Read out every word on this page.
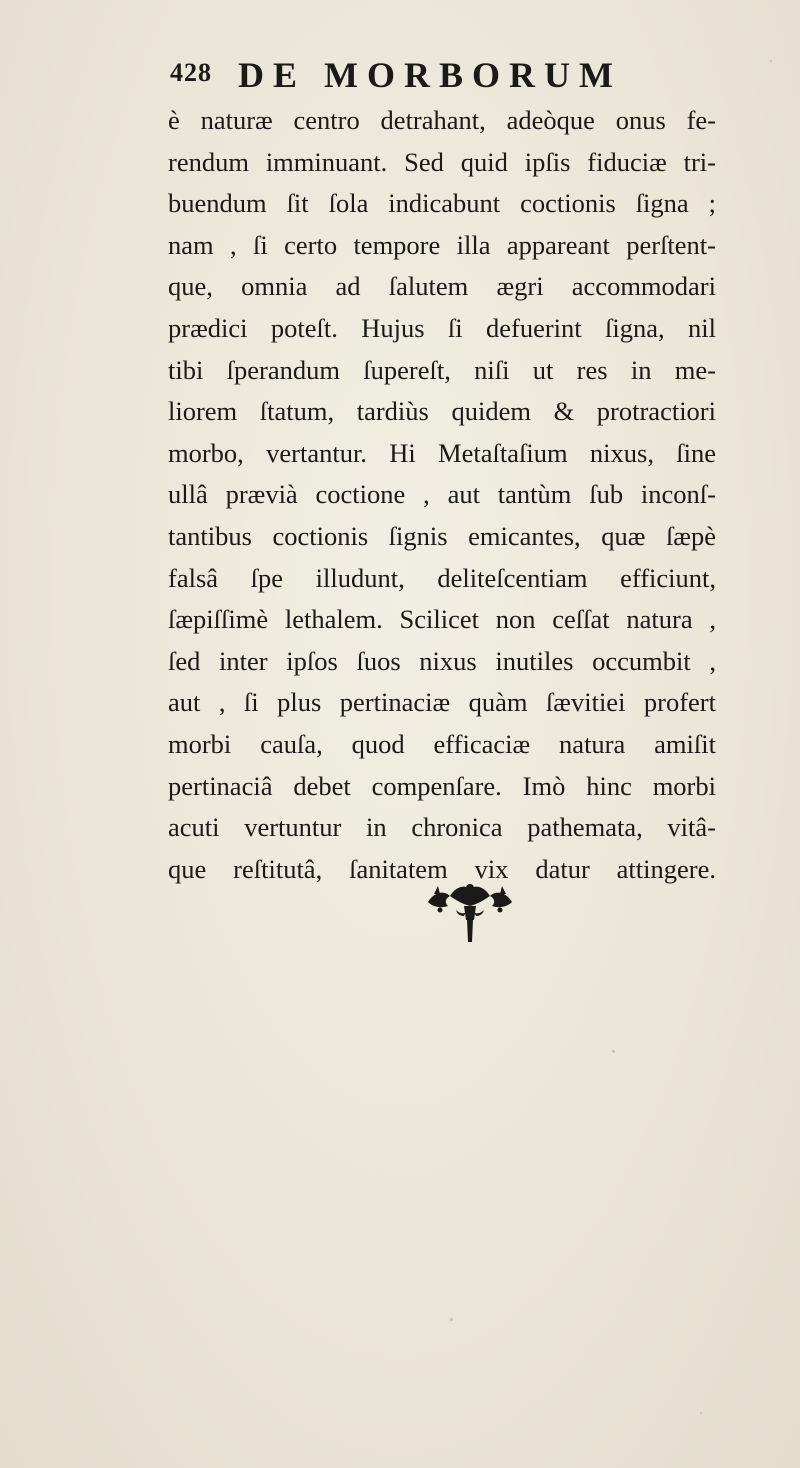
428 DE MORBORUM
è naturæ centro detrahant, adeòque onus fe-
rendum imminuant. Sed quid ipſis fiduciæ tri-
buendum ſit ſola indicabunt coctionis ſigna ;
nam , ſi certo tempore illa appareant perſtent-
que, omnia ad ſalutem ægri accommodari
prædici poteſt. Hujus ſi defuerint ſigna, nil
tibi ſperandum ſupereſt, niſi ut res in me-
liorem ſtatum, tardiùs quidem & protractiori
morbo, vertantur. Hi Metaſtaſium nixus, ſine
ullâ prævià coctione , aut tantùm ſub inconſ-
tantibus coctionis ſignis emicantes, quæ ſæpè
falsâ ſpe illudunt, deliteſcentiam efficiunt,
ſæpiſſimè lethalem. Scilicet non ceſſat natura ,
ſed inter ipſos ſuos nixus inutiles occumbit ,
aut , ſi plus pertinaciæ quàm ſævitiei profert
morbi cauſa, quod efficaciæ natura amiſit
pertinaciâ debet compenſare. Imò hinc morbi
acuti vertuntur in chronica pathemata, vitâ-
que reſtitutâ, ſanitatem vix datur attingere.
